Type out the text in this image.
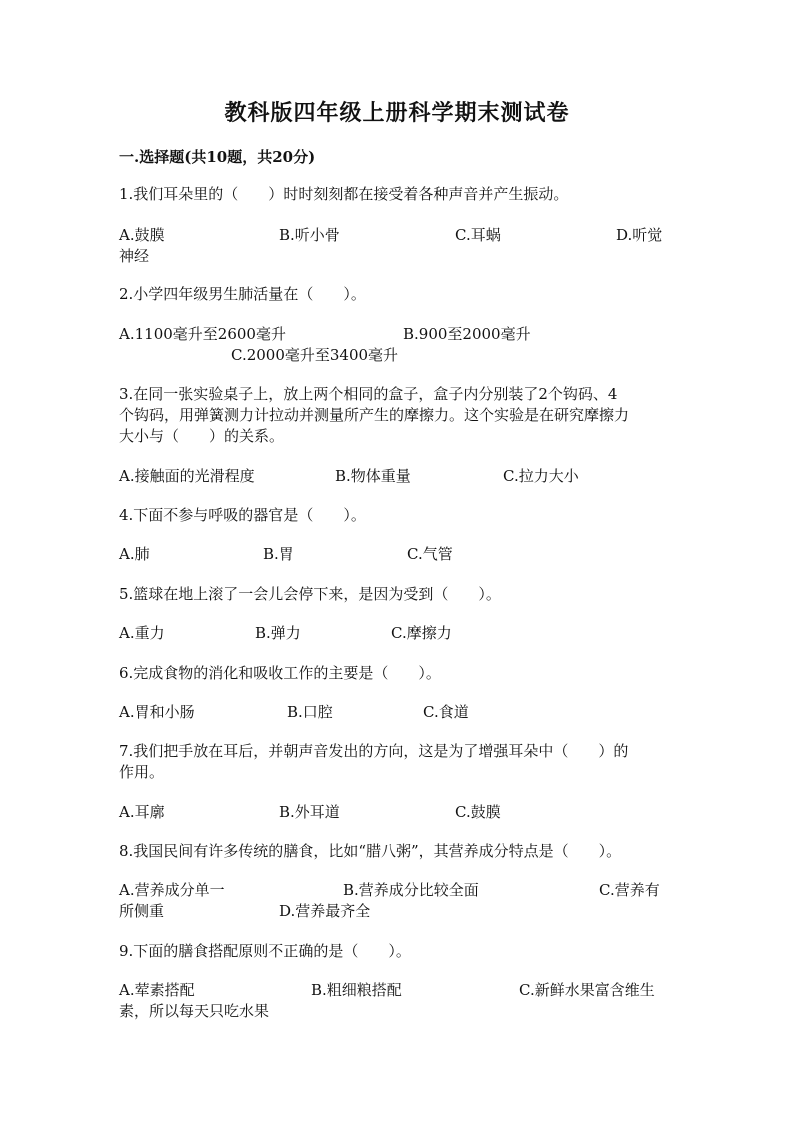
教科版四年级上册科学期末测试卷
一.选择题(共10题，共20分)
1.我们耳朵里的（　　）时时刻刻都在接受着各种声音并产生振动。
A.鼓膜	B.听小骨	C.耳蜗	D.听觉
神经
2.小学四年级男生肺活量在（　　）。
A.1100毫升至2600毫升	B.900至2000毫升
C.2000毫升至3400毫升
3.在同一张实验桌子上，放上两个相同的盒子，盒子内分别装了2个钩码、4
个钩码，用弹簧测力计拉动并测量所产生的摩擦力。这个实验是在研究摩擦力
大小与（　　）的关系。
A.接触面的光滑程度	B.物体重量	C.拉力大小
4.下面不参与呼吸的器官是（　　）。
A.肺	B.胃	C.气管
5.篮球在地上滚了一会儿会停下来，是因为受到（　　）。
A.重力	B.弹力	C.摩擦力
6.完成食物的消化和吸收工作的主要是（　　）。
A.胃和小肠	B.口腔	C.食道
7.我们把手放在耳后，并朝声音发出的方向，这是为了增强耳朵中（　　）的
作用。
A.耳廓	B.外耳道	C.鼓膜
8.我国民间有许多传统的膳食，比如“腊八粥”，其营养成分特点是（　　）。
A.营养成分单一	B.营养成分比较全面	C.营养有
所侧重	D.营养最齐全
9.下面的膳食搭配原则不正确的是（　　）。
A.荤素搭配	B.粗细粮搭配	C.新鲜水果富含维生
素，所以每天只吃水果
